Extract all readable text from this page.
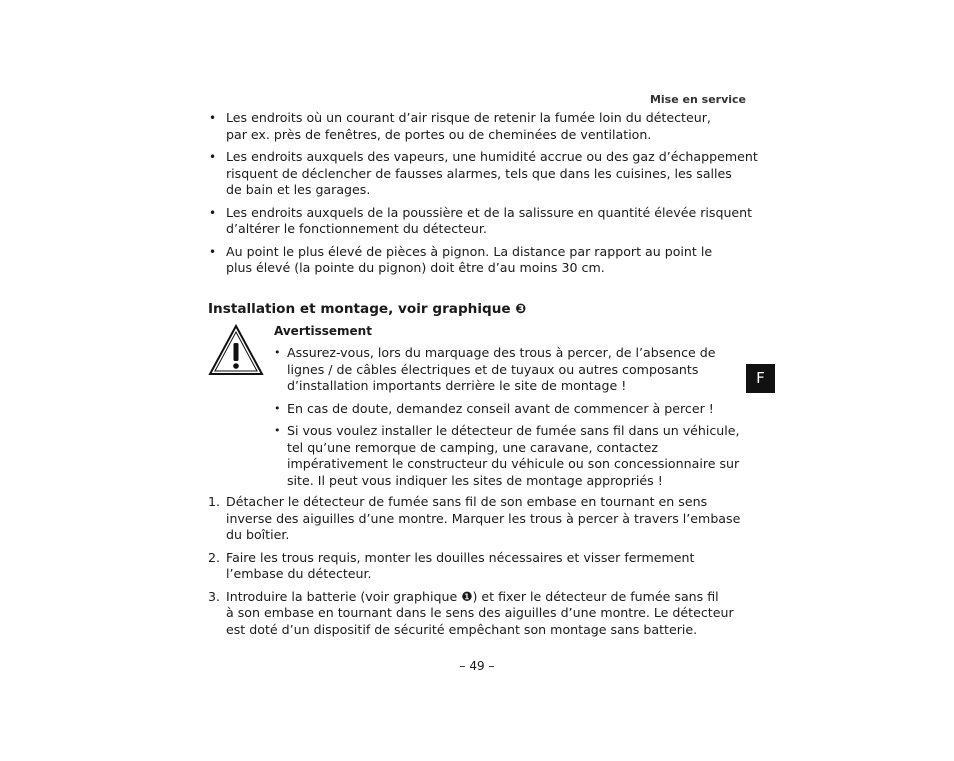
Mise en service
• Les endroits où un courant d’air risque de retenir la fumée loin du détecteur,
par ex. près de fenêtres, de portes ou de cheminées de ventilation.
• Les endroits auxquels des vapeurs, une humidité accrue ou des gaz d’échappement
risquent de déclencher de fausses alarmes, tels que dans les cuisines, les salles
de bain et les garages.
• Les endroits auxquels de la poussière et de la salissure en quantité élevée risquent
d’altérer le fonctionnement du détecteur.
• Au point le plus élevé de pièces à pignon. La distance par rapport au point le
plus élevé (la pointe du pignon) doit être d’au moins 30 cm.
Installation et montage, voir graphique ❸
Avertissement
• Assurez-vous, lors du marquage des trous à percer, de l’absence de
lignes / de câbles électriques et de tuyaux ou autres composants
d’installation importants derrière le site de montage !
• En cas de doute, demandez conseil avant de commencer à percer !
• Si vous voulez installer le détecteur de fumée sans fil dans un véhicule,
tel qu’une remorque de camping, une caravane, contactez
impérativement le constructeur du véhicule ou son concessionnaire sur
site. Il peut vous indiquer les sites de montage appropriés !
1. Détacher le détecteur de fumée sans fil de son embase en tournant en sens
inverse des aiguilles d’une montre. Marquer les trous à percer à travers l’embase
du boîtier.
2. Faire les trous requis, monter les douilles nécessaires et visser fermement
l’embase du détecteur.
3. Introduire la batterie (voir graphique ❶) et fixer le détecteur de fumée sans fil
à son embase en tournant dans le sens des aiguilles d’une montre. Le détecteur
est doté d’un dispositif de sécurité empêchant son montage sans batterie.
– 49 –
F
